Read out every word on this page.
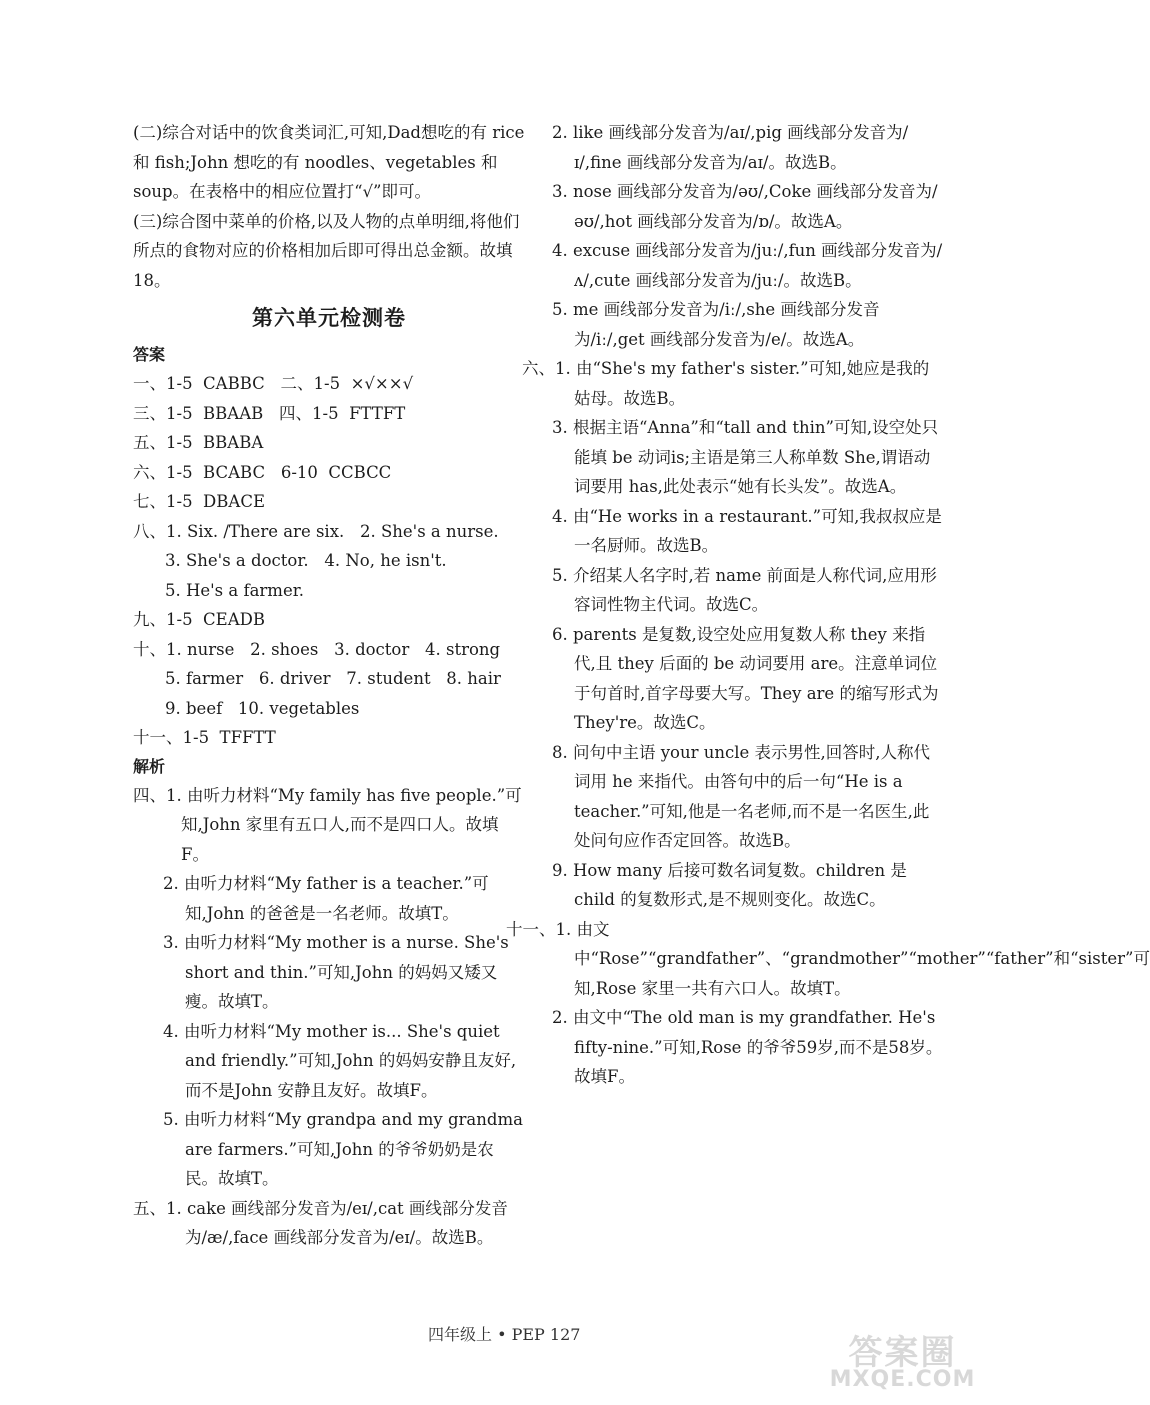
(二)综合对话中的饮食类词汇,可知,Dad想吃的有 rice 和 fish;John 想吃的有 noodles、vegetables 和 soup。在表格中的相应位置打“√”即可。

(三)综合图中菜单的价格,以及人物的点单明细,将他们所点的食物对应的价格相加后即可得出总金额。故填18。

第六单元检测卷
答案
一、1-5  CABBC   二、1-5  ×√××√
三、1-5  BBAAB   四、1-5  FTTFT
五、1-5  BBABA
六、1-5  BCABC   6-10  CCBCC
七、1-5  DBACE
八、1. Six. /There are six.   2. She's a nurse.
3. She's a doctor.   4. No, he isn't.
5. He's a farmer.
九、1-5  CEADB
十、1. nurse   2. shoes   3. doctor   4. strong
5. farmer   6. driver   7. student   8. hair
9. beef   10. vegetables
十一、1-5  TFFTT
解析

四、1. 由听力材料“My family has five people.”可知,John 家里有五口人,而不是四口人。故填F。

2. 由听力材料“My father is a teacher.”可知,John 的爸爸是一名老师。故填T。

3. 由听力材料“My mother is a nurse. She's short and thin.”可知,John 的妈妈又矮又瘦。故填T。

4. 由听力材料“My mother is... She's quiet and friendly.”可知,John 的妈妈安静且友好,而不是John 安静且友好。故填F。

5. 由听力材料“My grandpa and my grandma are farmers.”可知,John 的爷爷奶奶是农民。故填T。

五、1. cake 画线部分发音为/eɪ/,cat 画线部分发音为/æ/,face 画线部分发音为/eɪ/。故选B。

2. like 画线部分发音为/aɪ/,pig 画线部分发音为/ɪ/,fine 画线部分发音为/aɪ/。故选B。

3. nose 画线部分发音为/əʊ/,Coke 画线部分发音为/əʊ/,hot 画线部分发音为/ɒ/。故选A。

4. excuse 画线部分发音为/juː/,fun 画线部分发音为/ʌ/,cute 画线部分发音为/juː/。故选B。

5. me 画线部分发音为/iː/,she 画线部分发音为/iː/,get 画线部分发音为/e/。故选A。

六、1. 由“She's my father's sister.”可知,她应是我的姑母。故选B。

3. 根据主语“Anna”和“tall and thin”可知,设空处只能填 be 动词is;主语是第三人称单数 She,谓语动词要用 has,此处表示“她有长头发”。故选A。

4. 由“He works in a restaurant.”可知,我叔叔应是一名厨师。故选B。

5. 介绍某人名字时,若 name 前面是人称代词,应用形容词性物主代词。故选C。

6. parents 是复数,设空处应用复数人称 they 来指代,且 they 后面的 be 动词要用 are。注意单词位于句首时,首字母要大写。They are 的缩写形式为 They're。故选C。

8. 问句中主语 your uncle 表示男性,回答时,人称代词用 he 来指代。由答句中的后一句“He is a teacher.”可知,他是一名老师,而不是一名医生,此处问句应作否定回答。故选B。

9. How many 后接可数名词复数。children 是 child 的复数形式,是不规则变化。故选C。

十一、1. 由文中“Rose”“grandfather”、“grandmother”“mother”“father”和“sister”可知,Rose 家里一共有六口人。故填T。

2. 由文中“The old man is my grandfather. He's fifty-nine.”可知,Rose 的爷爷59岁,而不是58岁。故填F。

四年级上 • PEP 127	答案圈
MXQE.COM
